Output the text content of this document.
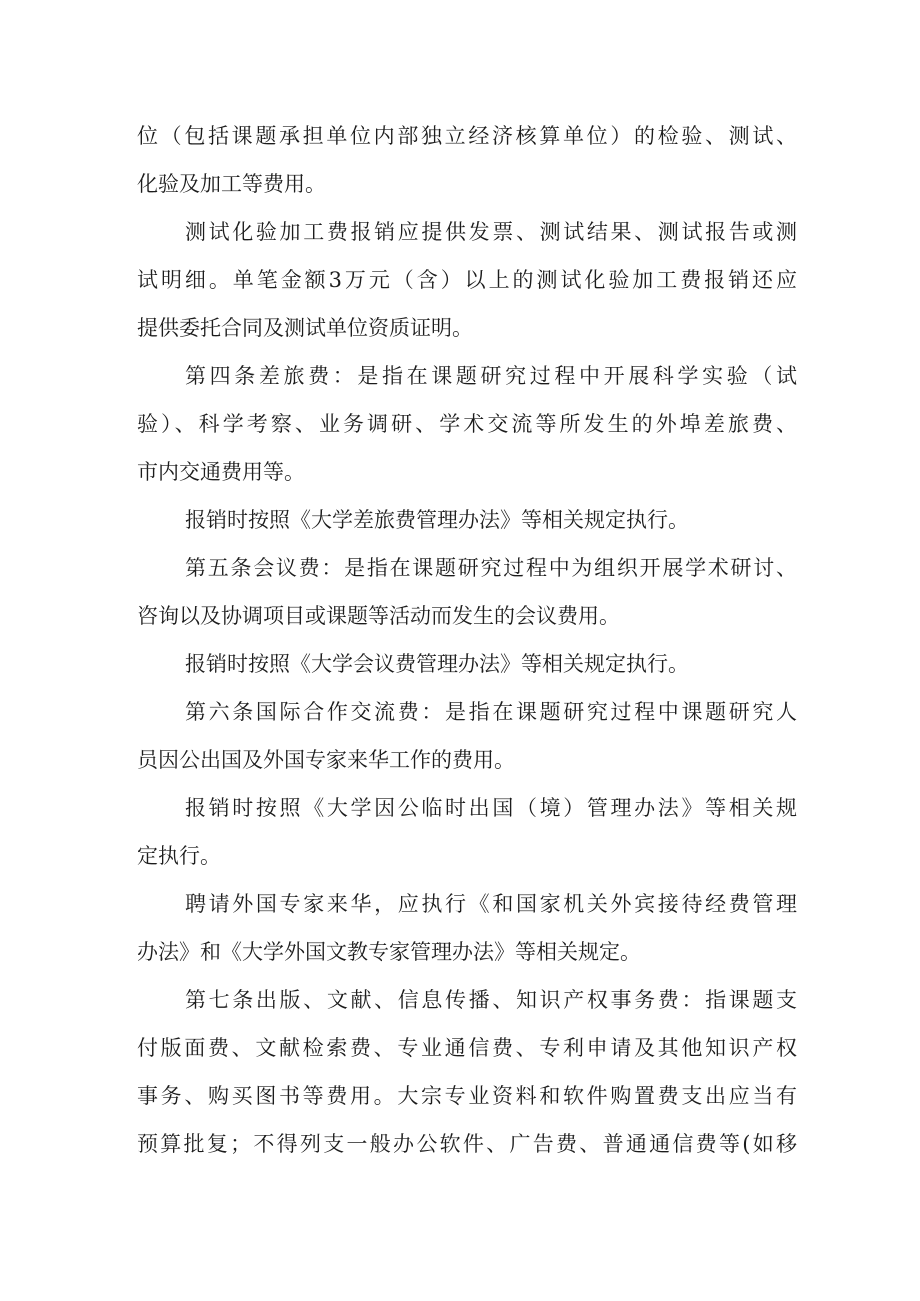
位（包括课题承担单位内部独立经济核算单位）的检验、测试、
化验及加工等费用。
测试化验加工费报销应提供发票、测试结果、测试报告或测
试明细。单笔金额3万元（含）以上的测试化验加工费报销还应
提供委托合同及测试单位资质证明。
第四条差旅费：是指在课题研究过程中开展科学实验（试
验）、科学考察、业务调研、学术交流等所发生的外埠差旅费、
市内交通费用等。
报销时按照《大学差旅费管理办法》等相关规定执行。
第五条会议费：是指在课题研究过程中为组织开展学术研讨、
咨询以及协调项目或课题等活动而发生的会议费用。
报销时按照《大学会议费管理办法》等相关规定执行。
第六条国际合作交流费：是指在课题研究过程中课题研究人
员因公出国及外国专家来华工作的费用。
报销时按照《大学因公临时出国（境）管理办法》等相关规
定执行。
聘请外国专家来华，应执行《和国家机关外宾接待经费管理
办法》和《大学外国文教专家管理办法》等相关规定。
第七条出版、文献、信息传播、知识产权事务费：指课题支
付版面费、文献检索费、专业通信费、专利申请及其他知识产权
事务、购买图书等费用。大宗专业资料和软件购置费支出应当有
预算批复；不得列支一般办公软件、广告费、普通通信费等(如移
